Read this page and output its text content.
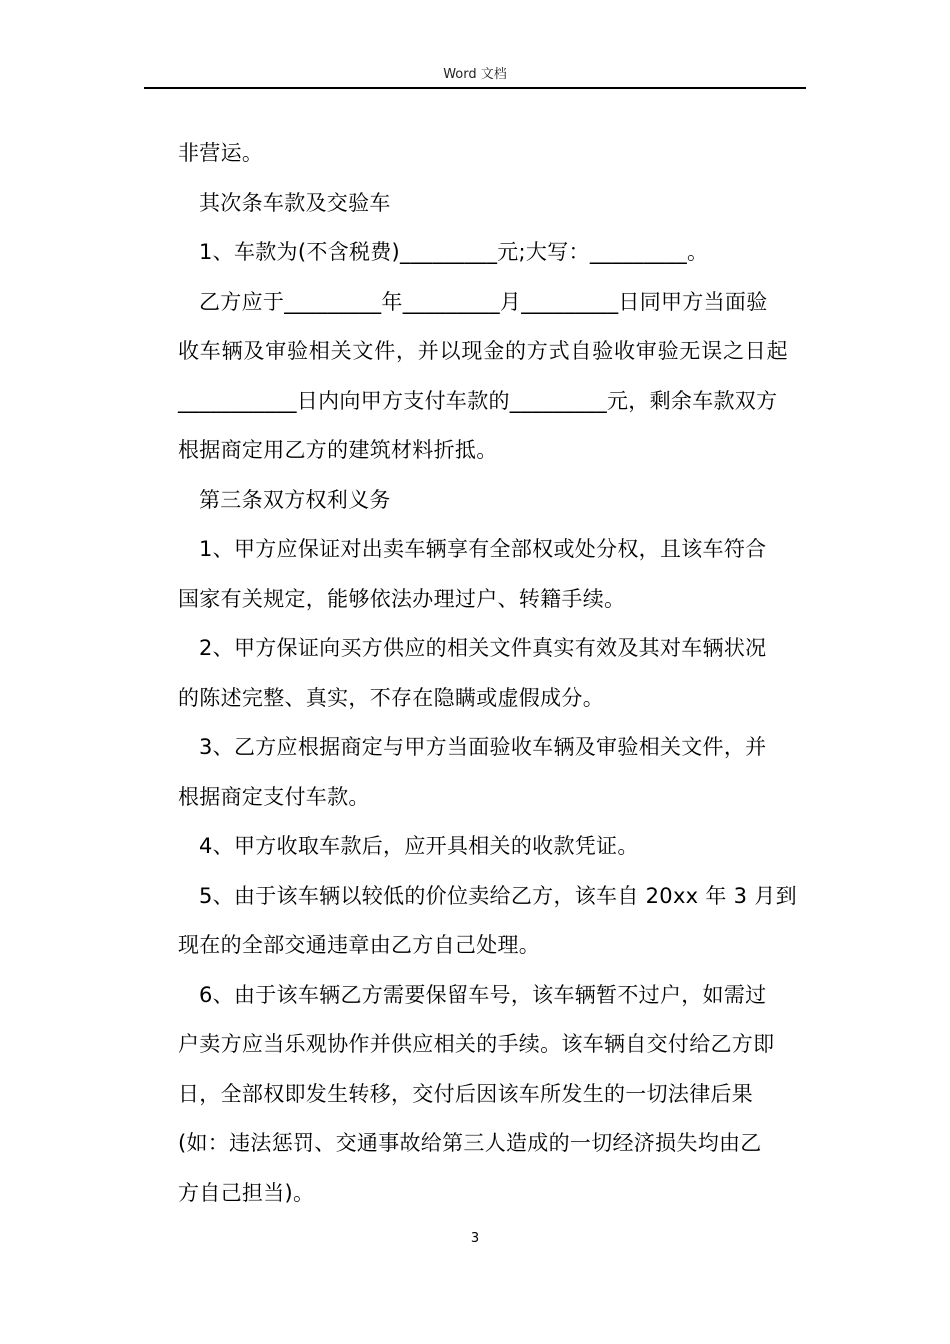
Word 文档

非营运。

其次条车款及交验车

1、车款为(不含税费)_________元;大写：_________。

乙方应于_________年_________月_________日同甲方当面验

收车辆及审验相关文件，并以现金的方式自验收审验无误之日起

___________日内向甲方支付车款的_________元，剩余车款双方

根据商定用乙方的建筑材料折抵。

第三条双方权利义务

1、甲方应保证对出卖车辆享有全部权或处分权，且该车符合

国家有关规定，能够依法办理过户、转籍手续。

2、甲方保证向买方供应的相关文件真实有效及其对车辆状况

的陈述完整、真实，不存在隐瞒或虚假成分。

3、乙方应根据商定与甲方当面验收车辆及审验相关文件，并

根据商定支付车款。

4、甲方收取车款后，应开具相关的收款凭证。

5、由于该车辆以较低的价位卖给乙方，该车自 20xx 年 3 月到

现在的全部交通违章由乙方自己处理。

6、由于该车辆乙方需要保留车号，该车辆暂不过户，如需过

户卖方应当乐观协作并供应相关的手续。该车辆自交付给乙方即

日，全部权即发生转移，交付后因该车所发生的一切法律后果

(如：违法惩罚、交通事故给第三人造成的一切经济损失均由乙

方自己担当)。

3
